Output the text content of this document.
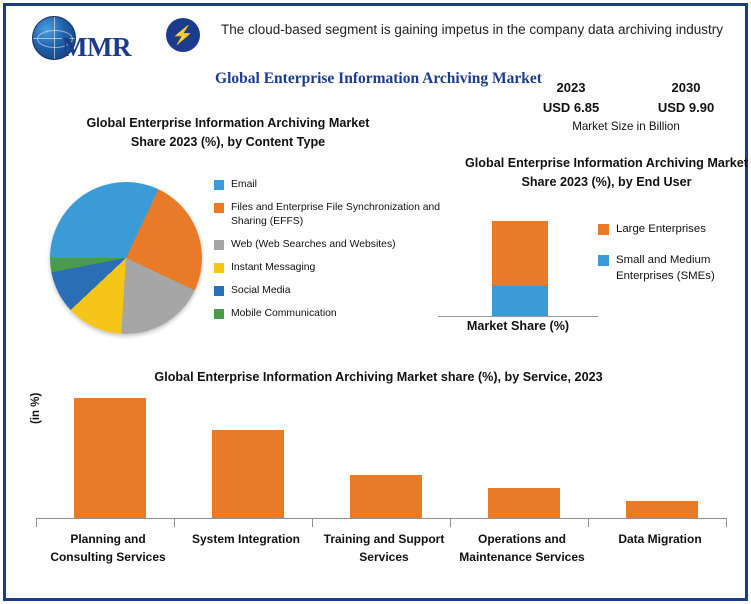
MMR	⚡	The cloud-based segment is gaining impetus in the company data archiving industry
Global Enterprise Information Archiving Market
Global Enterprise Information Archiving Market Share 2023 (%), by Content Type
Email
Files and Enterprise File Synchronization and Sharing (EFFS)
Web (Web Searches and Websites)
Instant Messaging
Social Media
Mobile Communication
2023	2030
USD 6.85	USD 9.90
Market Size in Billion
Global Enterprise Information Archiving Market Share 2023 (%), by End User
Market Share (%)
Large Enterprises
Small and Medium Enterprises (SMEs)
Global Enterprise Information Archiving Market share (%), by Service, 2023
(in %)
Planning and Consulting Services
System Integration	Training and Support Services
Operations and Maintenance Services
Data Migration
